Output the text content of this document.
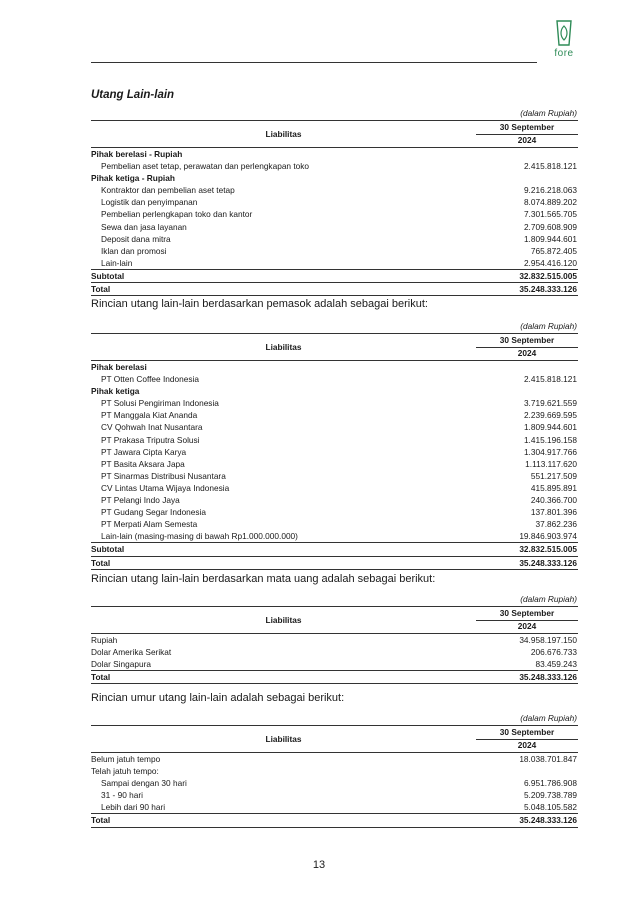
fore
Utang Lain-lain
(dalam Rupiah)
Liabilitas
30 September
2024
Pihak berelasi - Rupiah
Pembelian aset tetap, perawatan dan perlengkapan toko	2.415.818.121
Pihak ketiga - Rupiah
Kontraktor dan pembelian aset tetap	9.216.218.063
Logistik dan penyimpanan	8.074.889.202
Pembelian perlengkapan toko dan kantor	7.301.565.705
Sewa dan jasa layanan	2.709.608.909
Deposit dana mitra	1.809.944.601
Iklan dan promosi	765.872.405
Lain-lain	2.954.416.120
Subtotal	32.832.515.005
Total	35.248.333.126
Rincian utang lain-lain berdasarkan pemasok adalah sebagai berikut:
(dalam Rupiah)
Liabilitas
30 September
2024
Pihak berelasi
PT Otten Coffee Indonesia	2.415.818.121
Pihak ketiga
PT Solusi Pengiriman Indonesia	3.719.621.559
PT Manggala Kiat Ananda	2.239.669.595
CV Qohwah Inat Nusantara	1.809.944.601
PT Prakasa Triputra Solusi	1.415.196.158
PT Jawara Cipta Karya	1.304.917.766
PT Basita Aksara Japa	1.113.117.620
PT Sinarmas Distribusi Nusantara	551.217.509
CV Lintas Utama Wijaya Indonesia	415.895.891
PT Pelangi Indo Jaya	240.366.700
PT Gudang Segar Indonesia	137.801.396
PT Merpati Alam Semesta	37.862.236
Lain-lain (masing-masing di bawah Rp1.000.000.000)	19.846.903.974
Subtotal	32.832.515.005
Total	35.248.333.126
Rincian utang lain-lain berdasarkan mata uang adalah sebagai berikut:
(dalam Rupiah)
Liabilitas
30 September
2024
Rupiah	34.958.197.150
Dolar Amerika Serikat	206.676.733
Dolar Singapura	83.459.243
Total	35.248.333.126
Rincian umur utang lain-lain adalah sebagai berikut:
(dalam Rupiah)
Liabilitas
30 September
2024
Belum jatuh tempo	18.038.701.847
Telah jatuh tempo:
Sampai dengan 30 hari	6.951.786.908
31 - 90 hari	5.209.738.789
Lebih dari 90 hari	5.048.105.582
Total	35.248.333.126
13
